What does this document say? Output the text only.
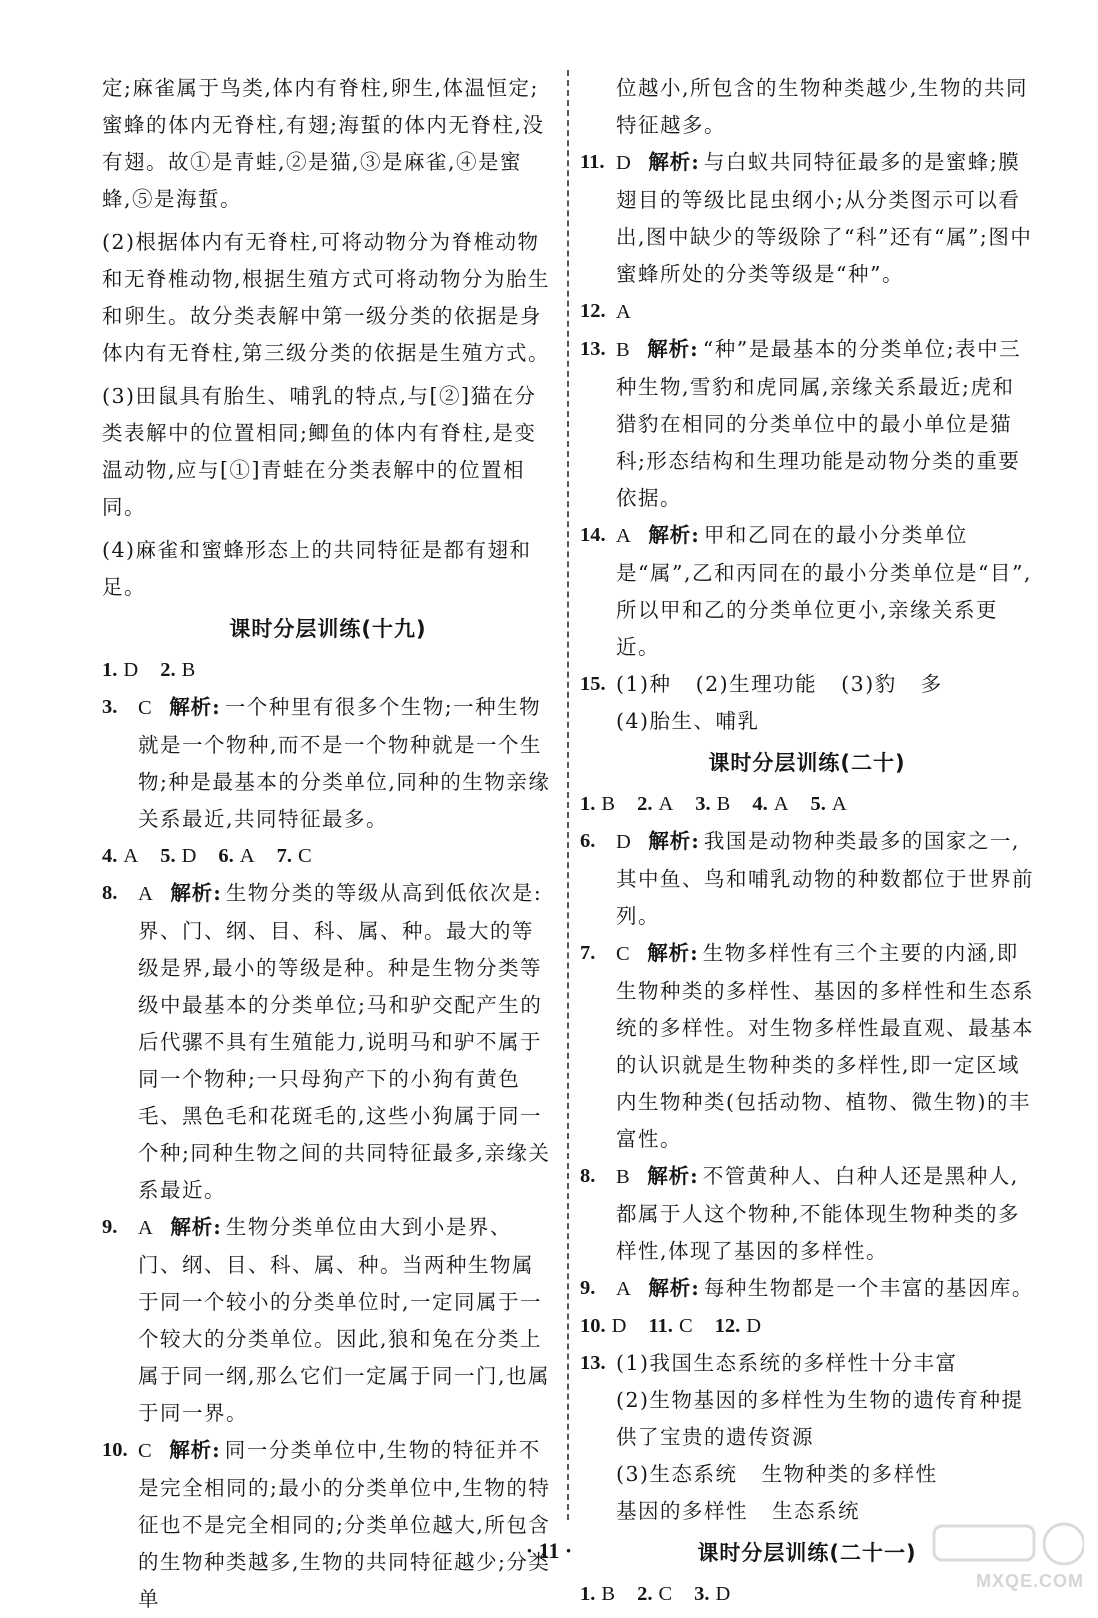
定;麻雀属于鸟类,体内有脊柱,卵生,体温恒定;蜜蜂的体内无脊柱,有翅;海蜇的体内无脊柱,没有翅。故①是青蛙,②是猫,③是麻雀,④是蜜蜂,⑤是海蜇。

(2)根据体内有无脊柱,可将动物分为脊椎动物和无脊椎动物,根据生殖方式可将动物分为胎生和卵生。故分类表解中第一级分类的依据是身体内有无脊柱,第三级分类的依据是生殖方式。

(3)田鼠具有胎生、哺乳的特点,与[②]猫在分类表解中的位置相同;鲫鱼的体内有脊柱,是变温动物,应与[①]青蛙在分类表解中的位置相同。

(4)麻雀和蜜蜂形态上的共同特征是都有翅和足。

课时分层训练(十九)

1. D 2. B

3. C 解析: 一个种里有很多个生物;一种生物就是一个物种,而不是一个物种就是一个生物;种是最基本的分类单位,同种的生物亲缘关系最近,共同特征最多。

4. A 5. D 6. A 7. C

8. A 解析: 生物分类的等级从高到低依次是:界、门、纲、目、科、属、种。最大的等级是界,最小的等级是种。种是生物分类等级中最基本的分类单位;马和驴交配产生的后代骡不具有生殖能力,说明马和驴不属于同一个物种;一只母狗产下的小狗有黄色毛、黑色毛和花斑毛的,这些小狗属于同一个种;同种生物之间的共同特征最多,亲缘关系最近。
9. A 解析: 生物分类单位由大到小是界、门、纲、目、科、属、种。当两种生物属于同一个较小的分类单位时,一定同属于一个较大的分类单位。因此,狼和兔在分类上属于同一纲,那么它们一定属于同一门,也属于同一界。
10. C 解析: 同一分类单位中,生物的特征并不是完全相同的;最小的分类单位中,生物的特征也不是完全相同的;分类单位越大,所包含的生物种类越多,生物的共同特征越少;分类单

位越小,所包含的生物种类越少,生物的共同特征越多。

11. D 解析: 与白蚁共同特征最多的是蜜蜂;膜翅目的等级比昆虫纲小;从分类图示可以看出,图中缺少的等级除了“科”还有“属”;图中蜜蜂所处的分类等级是“种”。
12. A
13. B 解析: “种”是最基本的分类单位;表中三种生物,雪豹和虎同属,亲缘关系最近;虎和猎豹在相同的分类单位中的最小单位是猫科;形态结构和生理功能是动物分类的重要依据。
14. A 解析: 甲和乙同在的最小分类单位是“属”,乙和丙同在的最小分类单位是“目”,所以甲和乙的分类单位更小,亲缘关系更近。
15. (1)种   (2)生理功能   (3)豹   多

(4)胎生、哺乳

课时分层训练(二十)

1. B 2. A 3. B 4. A 5. A

6. D 解析: 我国是动物种类最多的国家之一,其中鱼、鸟和哺乳动物的种数都位于世界前列。
7. C 解析: 生物多样性有三个主要的内涵,即生物种类的多样性、基因的多样性和生态系统的多样性。对生物多样性最直观、最基本的认识就是生物种类的多样性,即一定区域内生物种类(包括动物、植物、微生物)的丰富性。
8. B 解析: 不管黄种人、白种人还是黑种人,都属于人这个物种,不能体现生物种类的多样性,体现了基因的多样性。
9. A 解析: 每种生物都是一个丰富的基因库。

10. D 11. C 12. D

13. (1)我国生态系统的多样性十分丰富

(2)生物基因的多样性为生物的遗传育种提供了宝贵的遗传资源

(3)生态系统   生物种类的多样性

基因的多样性   生态系统

课时分层训练(二十一)

1. B 2. C 3. D

· 11 ·
MXQE.COM
